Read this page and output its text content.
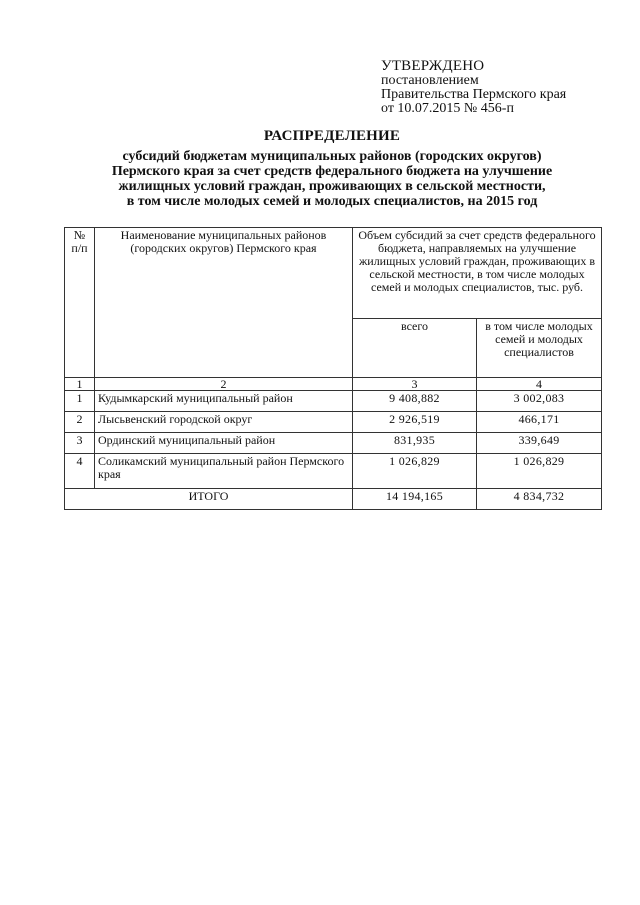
УТВЕРЖДЕНО
постановлением
Правительства Пермского края
от 10.07.2015 № 456-п
РАСПРЕДЕЛЕНИЕ
субсидий бюджетам муниципальных районов (городских округов)
Пермского края за счет средств федерального бюджета на улучшение
жилищных условий граждан, проживающих в сельской местности,
в том числе молодых семей и молодых специалистов, на 2015 год
№ п/п	Наименование муниципальных районов (городских округов) Пермского края	Объем субсидий за счет средств федерального бюджета, направляемых на улучшение жилищных условий граждан, проживающих в сельской местности, в том числе молодых семей и молодых специалистов, тыс. руб.	
		всего	в том числе молодых семей и молодых специалистов
1	2	3	4
1	Кудымкарский муниципальный район	9 408,882	3 002,083
2	Лысьвенский городской округ	2 926,519	466,171
3	Ординский муниципальный район	831,935	339,649
4	Соликамский муниципальный район Пермского края	1 026,829	1 026,829
ИТОГО		14 194,165	4 834,732
